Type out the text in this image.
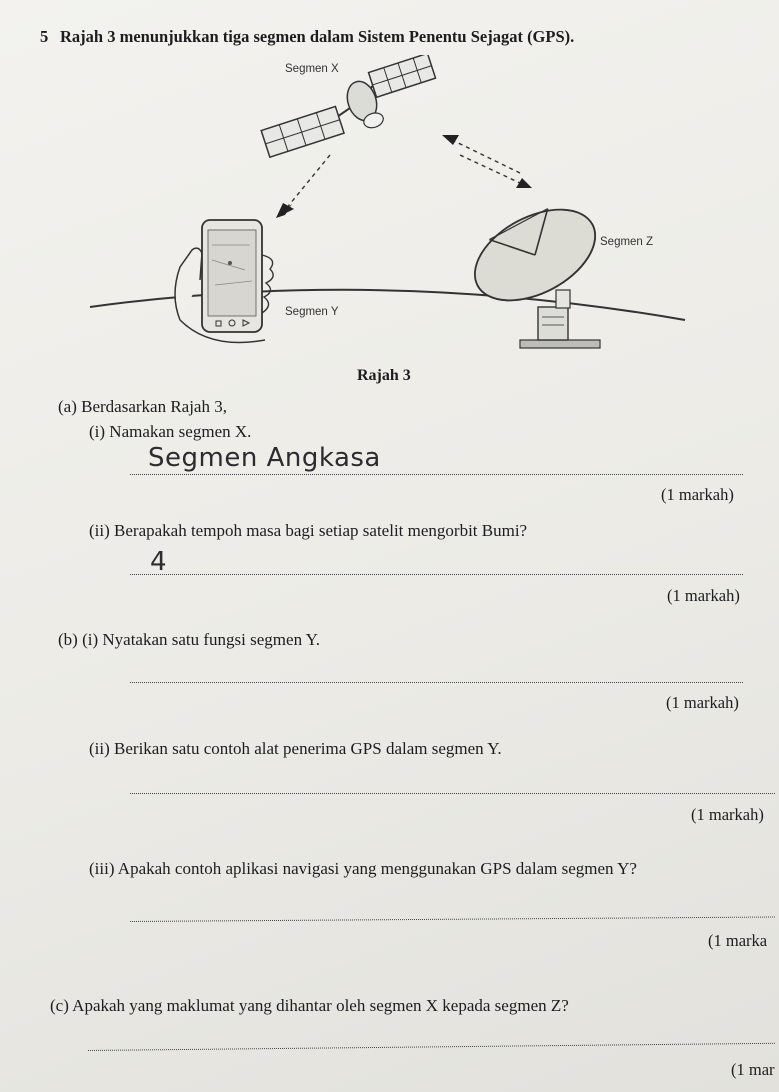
5 Rajah 3 menunjukkan tiga segmen dalam Sistem Penentu Sejagat (GPS).
Segmen X
Segmen Y
Segmen Z
Rajah 3
(a) Berdasarkan Rajah 3,
(i) Namakan segmen X.
Segmen Angkasa
(1 markah)
(ii) Berapakah tempoh masa bagi setiap satelit mengorbit Bumi?
4
(1 markah)
(b) (i) Nyatakan satu fungsi segmen Y.
(1 markah)
(ii) Berikan satu contoh alat penerima GPS dalam segmen Y.
(1 markah)
(iii) Apakah contoh aplikasi navigasi yang menggunakan GPS dalam segmen Y?
(1 marka
(c) Apakah yang maklumat yang dihantar oleh segmen X kepada segmen Z?
(1 mar
